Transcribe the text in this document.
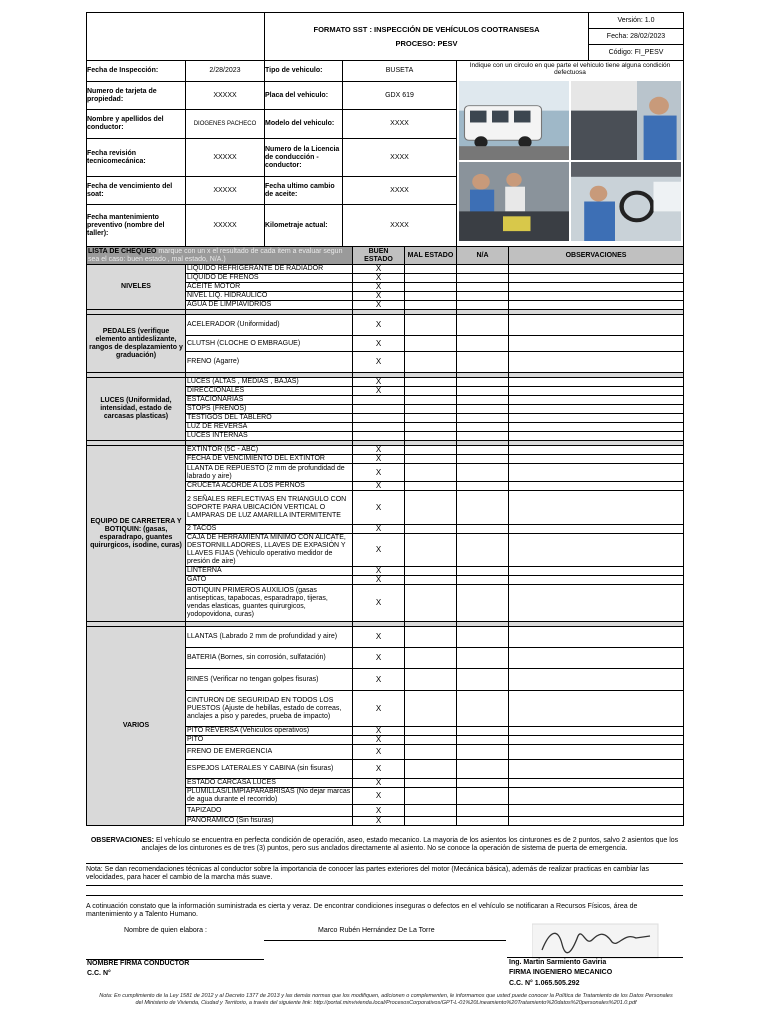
FORMATO SST : INSPECCIÓN DE VEHÍCULOS COOTRANSESA
PROCESO: PESV
	Versión: 1.0
Fecha: 28/02/2023
Código: FI_PESV
Fecha de Inspección:	2/28/2023	Tipo de vehiculo:	BUSETA	Indique con un circulo en que parte el vehiculo tiene alguna condición defectuosa

Numero de tarjeta de propiedad:	XXXXX	Placa del vehiculo:	GDX 619	
Nombre y apellidos del conductor:	DIOGENES PACHECO	Modelo del vehiculo:	XXXX	
Fecha revisión tecnicomecánica:	XXXXX	Numero de la Licencia de conducción - conductor:	XXXX	
Fecha de vencimiento del soat:	XXXXX	Fecha ultimo cambio de aceite:	XXXX	
Fecha mantenimiento preventivo (nombre del taller):	XXXXX	Kilometraje actual:	XXXX	
LISTA DE CHEQUEO marque con un x el resultado de cada item a evaluar segun sea el caso: buen estado , mal estado, N/A.)		BUEN ESTADO	MAL ESTADO	N/A	OBSERVACIONES
NIVELES	LIQUIDO REFRIGERANTE DE RADIADOR	X			
	LIQUIDO DE FRENOS	X			
	ACEITE MOTOR	X			
	NIVEL LIQ. HIDRAULICO	X			
	AGUA DE LIMPIAVIDRIOS	X			

PEDALES (verifique elemento antideslizante, rangos de desplazamiento y graduación)	ACELERADOR (Uniformidad)	X			
	CLUTSH (CLOCHE O EMBRAGUE)	X			
	FRENO (Agarre)	X			

LUCES (Uniformidad, intensidad, estado de carcasas plasticas)	LUCES (ALTAS , MEDIAS , BAJAS)	X			
	DIRECCIONALES	X			
	ESTACIONARIAS				
	STOPS (FRENOS)				
	TESTIGOS DEL TABLERO				
	LUZ DE REVERSA				
	LUCES INTERNAS				

EQUIPO DE CARRETERA Y BOTIQUIN: (gasas, esparadrapo, guantes quirurgicos, isodine, curas)	EXTINTOR (5C - ABC)	X			
	FECHA DE VENCIMIENTO DEL EXTINTOR	X			
	LLANTA DE REPUESTO (2 mm de profundidad de labrado y aire)	X			
	CRUCETA ACORDE A LOS PERNOS	X			
	2 SEÑALES REFLECTIVAS EN TRIANGULO CON SOPORTE PARA UBICACIÓN VERTICAL O LAMPARAS DE LUZ AMARILLA INTERMITENTE	X			
	2 TACOS	X			
	CAJA DE HERRAMIENTA MINIMO CON ALICATE, DESTORNILLADORES, LLAVES DE EXPASIÓN Y LLAVES FIJAS (Vehiculo operativo medidor de presión de aire)	X			
	LINTERNA	X			
	GATO	X			
	BOTIQUIN PRIMEROS AUXILIOS (gasas antisepticas, tapabocas, esparadrapo, tijeras, vendas elasticas, guantes quirurgicos, yodopovidona, curas)	X			

VARIOS	LLANTAS (Labrado 2 mm de profundidad y aire)	X			
	BATERIA (Bornes, sin corrosión, sulfatación)	X			
	RINES (Verificar no tengan golpes fisuras)	X			
	CINTURON DE SEGURIDAD EN TODOS LOS PUESTOS (Ajuste de hebillas, estado de correas, anclajes a piso y paredes, prueba de impacto)	X			
	PITO REVERSA (Vehiculos operativos)	X			
	PITO	X			
	FRENO DE EMERGENCIA	X			
	ESPEJOS LATERALES Y CABINA (sin fisuras)	X			
	ESTADO CARCASA LUCES	X			
	PLUMILLAS/LIMPIAPARABRISAS (No dejar marcas de agua durante el recorrido)	X			
	TAPIZADO	X			
	PANORAMICO (Sin fisuras)	X			
OBSERVACIONES: El vehículo se encuentra en perfecta condición de operación, aseo, estado mecanico. La mayoria de los asientos los cinturones es de 2 puntos, salvo 2 asientos que los anclajes de los cinturones es de tres (3) puntos, pero sus anclados directamente al asiento. No se conoce la operación de sistema de puerta de emergencia.
Nota: Se dan recomendaciones técnicas al conductor sobre la importancia de conocer las partes exteriores del motor (Mecánica básica), además de realizar practicas en cambiar las velocidades, para hacer el cambio de la marcha más suave.
A cotinuación constato que la información suministrada es cierta y veraz. De encontrar condiciones inseguras o defectos en el vehículo se notificaran a Recursos Físicos, área de mantenimiento y a Talento Humano.
Nombre de quien elabora :	Marco Rubén Hernández De La Torre
NOMBRE FIRMA CONDUCTOR
C.C. N°
Ing. Martin Sarmiento Gaviria
FIRMA INGENIERO MECANICO
C.C. N° 1.065.505.292
Nota: En cumplimiento de la Ley 1581 de 2012 y al Decreto 1377 de 2013 y las demás normas que los modifiquen, adicionen o complementen, le informamos que usted puede conocer la Política de Tratamiento de los Datos Personales del Ministerio de Vivienda, Ciudad y Territorio, a través del siguiente link: http://portal.minvivienda.local/ProcesosCorporativos/GPT-L-01%20Lineamiento%20Tratamiento%20datos%20personales%201.0.pdf
